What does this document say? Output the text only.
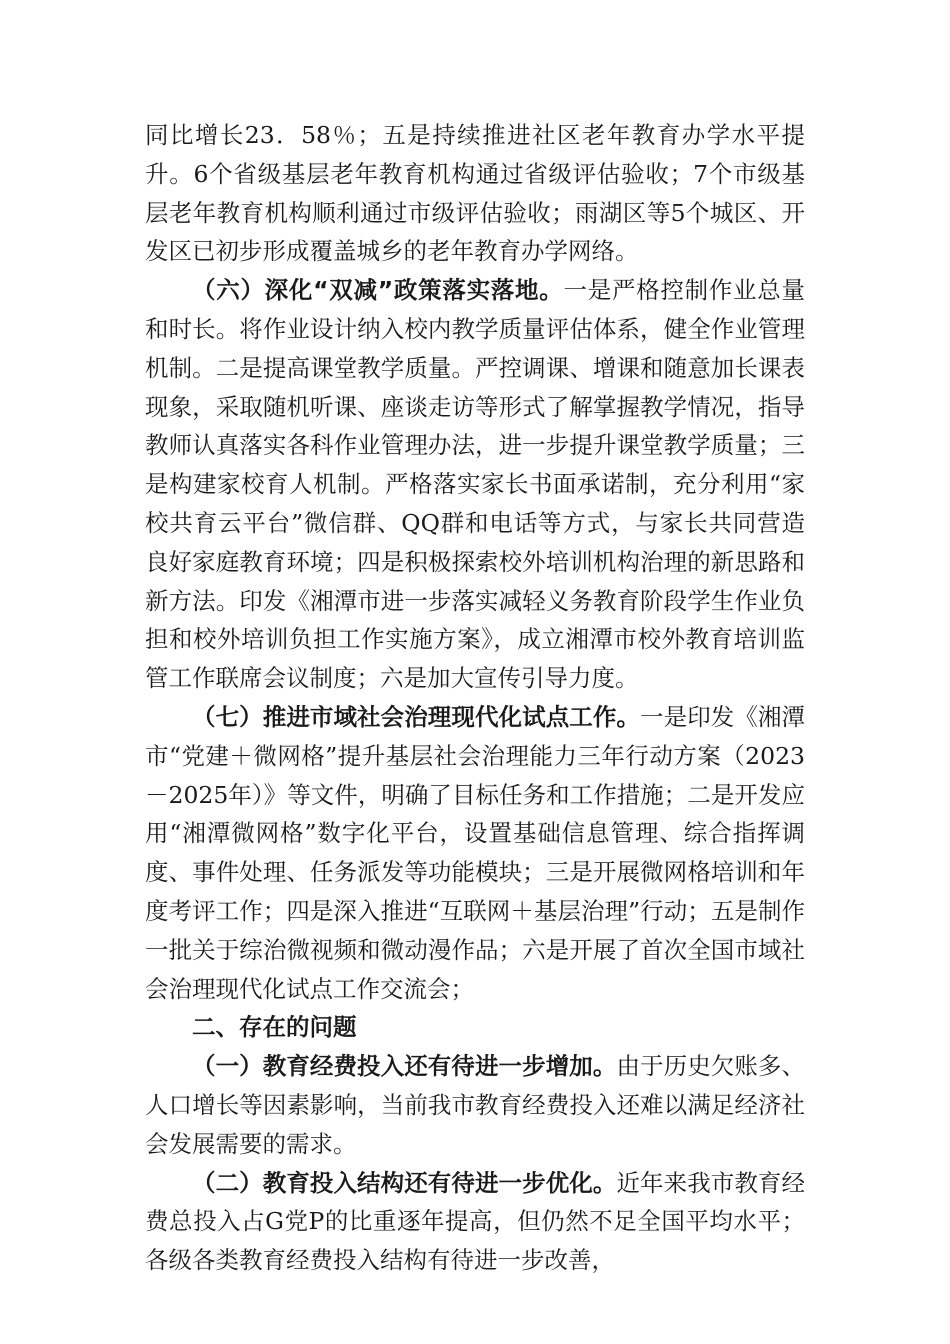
同比增长23．58％；五是持续推进社区老年教育办学水平提升。6个省级基层老年教育机构通过省级评估验收；7个市级基层老年教育机构顺利通过市级评估验收；雨湖区等5个城区、开发区已初步形成覆盖城乡的老年教育办学网络。

（六）深化“双减”政策落实落地。一是严格控制作业总量和时长。将作业设计纳入校内教学质量评估体系，健全作业管理机制。二是提高课堂教学质量。严控调课、增课和随意加长课表现象，采取随机听课、座谈走访等形式了解掌握教学情况，指导教师认真落实各科作业管理办法，进一步提升课堂教学质量；三是构建家校育人机制。严格落实家长书面承诺制，充分利用“家校共育云平台”微信群、QQ群和电话等方式，与家长共同营造良好家庭教育环境；四是积极探索校外培训机构治理的新思路和新方法。印发《湘潭市进一步落实减轻义务教育阶段学生作业负担和校外培训负担工作实施方案》，成立湘潭市校外教育培训监管工作联席会议制度；六是加大宣传引导力度。

（七）推进市域社会治理现代化试点工作。一是印发《湘潭市“党建＋微网格”提升基层社会治理能力三年行动方案（2023－2025年）》等文件，明确了目标任务和工作措施；二是开发应用“湘潭微网格”数字化平台，设置基础信息管理、综合指挥调度、事件处理、任务派发等功能模块；三是开展微网格培训和年度考评工作；四是深入推进“互联网＋基层治理”行动；五是制作一批关于综治微视频和微动漫作品；六是开展了首次全国市域社会治理现代化试点工作交流会；

二、存在的问题

（一）教育经费投入还有待进一步增加。由于历史欠账多、人口增长等因素影响，当前我市教育经费投入还难以满足经济社会发展需要的需求。

（二）教育投入结构还有待进一步优化。近年来我市教育经费总投入占G党P的比重逐年提高，但仍然不足全国平均水平；各级各类教育经费投入结构有待进一步改善，
